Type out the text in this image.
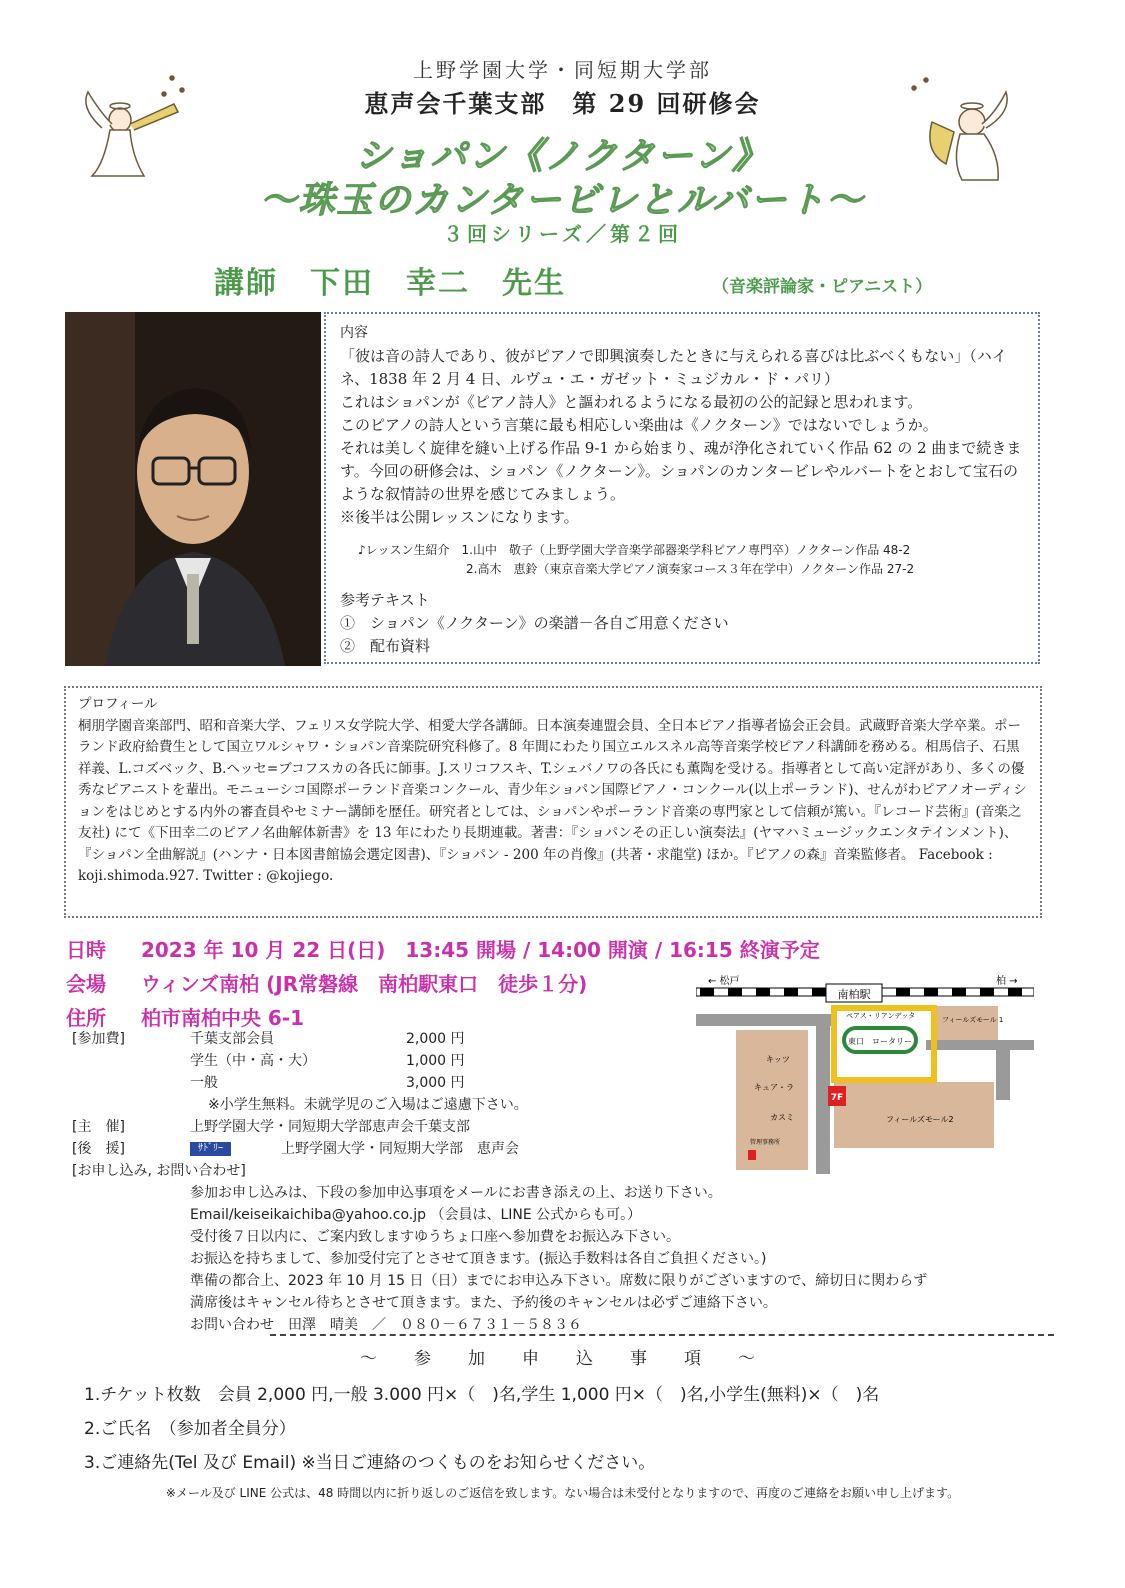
上野学園大学・同短期大学部
恵声会千葉支部　第 29 回研修会
ショパン《ノクターン》
～珠玉のカンタービレとルバート～
３回シリーズ／第２回
講師　下田　幸二　先生	（音楽評論家・ピアニスト）
内容
「彼は音の詩人であり、彼がピアノで即興演奏したときに与えられる喜びは比ぶべくもない」（ハイネ、1838 年 2 月 4 日、ルヴュ・エ・ガゼット・ミュジカル・ド・パリ）
これはショパンが《ピアノ詩人》と謳われるようになる最初の公的記録と思われます。
このピアノの詩人という言葉に最も相応しい楽曲は《ノクターン》ではないでしょうか。
それは美しく旋律を縫い上げる作品 9-1 から始まり、魂が浄化されていく作品 62 の 2 曲まで続きます。今回の研修会は、ショパン《ノクターン》。ショパンのカンタービレやルバートをとおして宝石のような叙情詩の世界を感じてみましょう。
※後半は公開レッスンになります。
♪レッスン生紹介　1.山中　敬子（上野学園大学音楽学部器楽学科ピアノ専門卒）ノクターン作品 48-2
　　　　　　　　　2.高木　恵鈴（東京音楽大学ピアノ演奏家コース３年在学中）ノクターン作品 27-2
参考テキスト
①　ショパン《ノクターン》の楽譜－各自ご用意ください
②　配布資料
プロフィール
桐朋学園音楽部門、昭和音楽大学、フェリス女学院大学、相愛大学各講師。日本演奏連盟会員、全日本ピアノ指導者協会正会員。武蔵野音楽大学卒業。ポーランド政府給費生として国立ワルシャワ・ショパン音楽院研究科修了。8 年間にわたり国立エルスネル高等音楽学校ピアノ科講師を務める。相馬信子、石黒祥義、L.コズベック、B.ヘッセ=ブコフスカの各氏に師事。J.スリコフスキ、T.シェバノワの各氏にも薫陶を受ける。指導者として高い定評があり、多くの優秀なピアニストを輩出。モニューシコ国際ポーランド音楽コンクール、青少年ショパン国際ピアノ・コンクール(以上ポーランド)、せんがわピアノオーディションをはじめとする内外の審査員やセミナー講師を歴任。研究者としては、ショパンやポーランド音楽の専門家として信頼が篤い。『レコード芸術』(音楽之友社) にて《下田幸二のピアノ名曲解体新書》を 13 年にわたり長期連載。著書：『ショパンその正しい演奏法』(ヤマハミュージックエンタテインメント)、『ショパン全曲解説』(ハンナ・日本図書館協会選定図書)、『ショパン - 200 年の肖像』(共著・求龍堂) ほか。『ピアノの森』音楽監修者。 Facebook : koji.shimoda.927. Twitter : @kojiego.
日時 2023 年 10 月 22 日(日)　13:45 開場 / 14:00 開演 / 16:15 終演予定
会場 ウィンズ南柏 (JR常磐線　南柏駅東口　徒歩１分)
住所 柏市南柏中央 6-1
← 松戸	柏 →
南柏駅
ペアス・リアンデッタ
東口　ロータリー
フィールズモール 1
フィールズモール2
キッツ
キュア・ラ
カスミ
管理事務所
7F
[参加費]	千葉支部会員	2,000 円
学生（中・高・大）	1,000 円
一般	3,000 円
※小学生無料。未就学児のご入場はご遠慮下さい。
[主　催]	上野学園大学・同短期大学部恵声会千葉支部
[後　援]	ｻﾄﾞﾘｰ	上野学園大学・同短期大学部　恵声会
[お申し込み, お問い合わせ]
参加お申し込みは、下段の参加申込事項をメールにお書き添えの上、お送り下さい。
Email/keiseikaichiba@yahoo.co.jp （会員は、LINE 公式からも可。）
受付後７日以内に、ご案内致しますゆうちょ口座へ参加費をお振込み下さい。
お振込を持ちまして、参加受付完了とさせて頂きます。(振込手数料は各自ご負担ください。)
準備の都合上、2023 年 10 月 15 日（日）までにお申込み下さい。席数に限りがございますので、締切日に関わらず
満席後はキャンセル待ちとさせて頂きます。また、予約後のキャンセルは必ずご連絡下さい。
お問い合わせ　田澤　晴美　／　０８０－６７３１－５８３６
～　参　加　申　込　事　項　～
1.チケット枚数　会員 2,000 円,一般 3.000 円×（　)名,学生 1,000 円×（　)名,小学生(無料)×（　)名
2.ご氏名　（参加者全員分）
3.ご連絡先(Tel 及び Email) ※当日ご連絡のつくものをお知らせください。
※メール及び LINE 公式は、48 時間以内に折り返しのご返信を致します。ない場合は未受付となりますので、再度のご連絡をお願い申し上げます。
